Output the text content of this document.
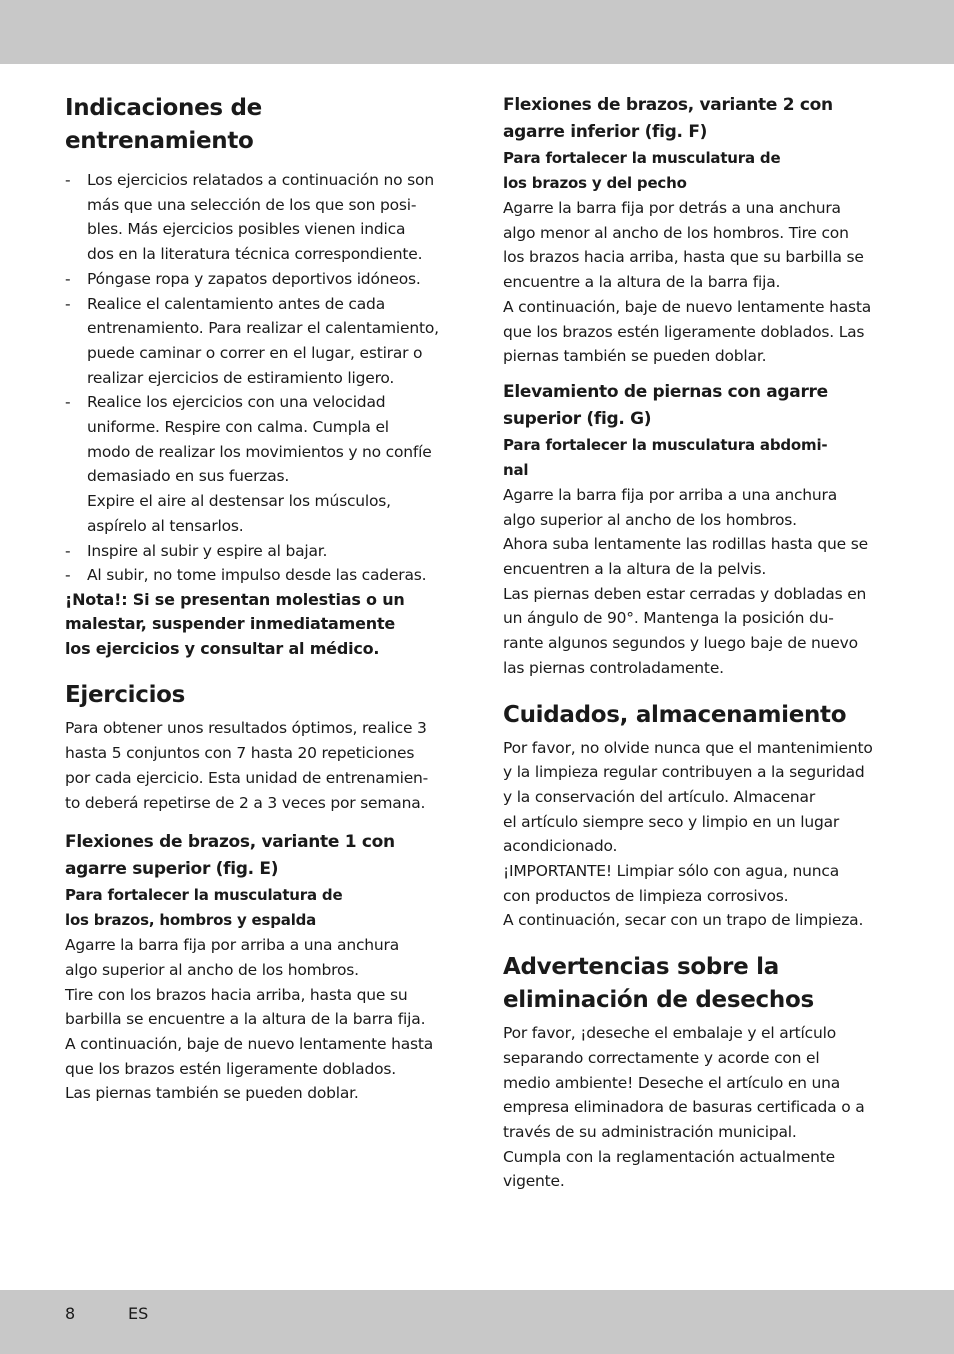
Indicaciones de entrenamiento
- Los ejercicios relatados a continuación no son
más que una selección de los que son posi-
bles. Más ejercicios posibles vienen indica
dos en la literatura técnica correspondiente.
- Póngase ropa y zapatos deportivos idóneos.
- Realice el calentamiento antes de cada
entrenamiento. Para realizar el calentamiento,
puede caminar o correr en el lugar, estirar o
realizar ejercicios de estiramiento ligero.
- Realice los ejercicios con una velocidad
uniforme. Respire con calma. Cumpla el
modo de realizar los movimientos y no confíe
demasiado en sus fuerzas.
Expire el aire al destensar los músculos,
aspírelo al tensarlos.
- Inspire al subir y espire al bajar.
- Al subir, no tome impulso desde las caderas.

¡Nota!: Si se presentan molestias o un
malestar, suspender inmediatamente
los ejercicios y consultar al médico.

Ejercicios

Para obtener unos resultados óptimos, realice 3
hasta 5 conjuntos con 7 hasta 20 repeticiones
por cada ejercicio. Esta unidad de entrenamien-
to deberá repetirse de 2 a 3 veces por semana.

Flexiones de brazos, variante 1 con
agarre superior (fig. E)
Para fortalecer la musculatura de
los brazos, hombros y espalda

Agarre la barra fija por arriba a una anchura
algo superior al ancho de los hombros.
Tire con los brazos hacia arriba, hasta que su
barbilla se encuentre a la altura de la barra fija.
A continuación, baje de nuevo lentamente hasta
que los brazos estén ligeramente doblados.
Las piernas también se pueden doblar.

Flexiones de brazos, variante 2 con
agarre inferior (fig. F)
Para fortalecer la musculatura de
los brazos y del pecho

Agarre la barra fija por detrás a una anchura
algo menor al ancho de los hombros. Tire con
los brazos hacia arriba, hasta que su barbilla se
encuentre a la altura de la barra fija.
A continuación, baje de nuevo lentamente hasta
que los brazos estén ligeramente doblados. Las
piernas también se pueden doblar.

Elevamiento de piernas con agarre
superior (fig. G)
Para fortalecer la musculatura abdomi-
nal

Agarre la barra fija por arriba a una anchura
algo superior al ancho de los hombros.
Ahora suba lentamente las rodillas hasta que se
encuentren a la altura de la pelvis.
Las piernas deben estar cerradas y dobladas en
un ángulo de 90°. Mantenga la posición du-
rante algunos segundos y luego baje de nuevo
las piernas controladamente.

Cuidados, almacenamiento

Por favor, no olvide nunca que el mantenimiento
y la limpieza regular contribuyen a la seguridad
y la conservación del artículo. Almacenar
el artículo siempre seco y limpio en un lugar
acondicionado.
¡IMPORTANTE! Limpiar sólo con agua, nunca
con productos de limpieza corrosivos.
A continuación, secar con un trapo de limpieza.

Advertencias sobre la
eliminación de desechos

Por favor, ¡deseche el embalaje y el artículo
separando correctamente y acorde con el
medio ambiente! Deseche el artículo en una
empresa eliminadora de basuras certificada o a
través de su administración municipal.
Cumpla con la reglamentación actualmente
vigente.

8	ES
